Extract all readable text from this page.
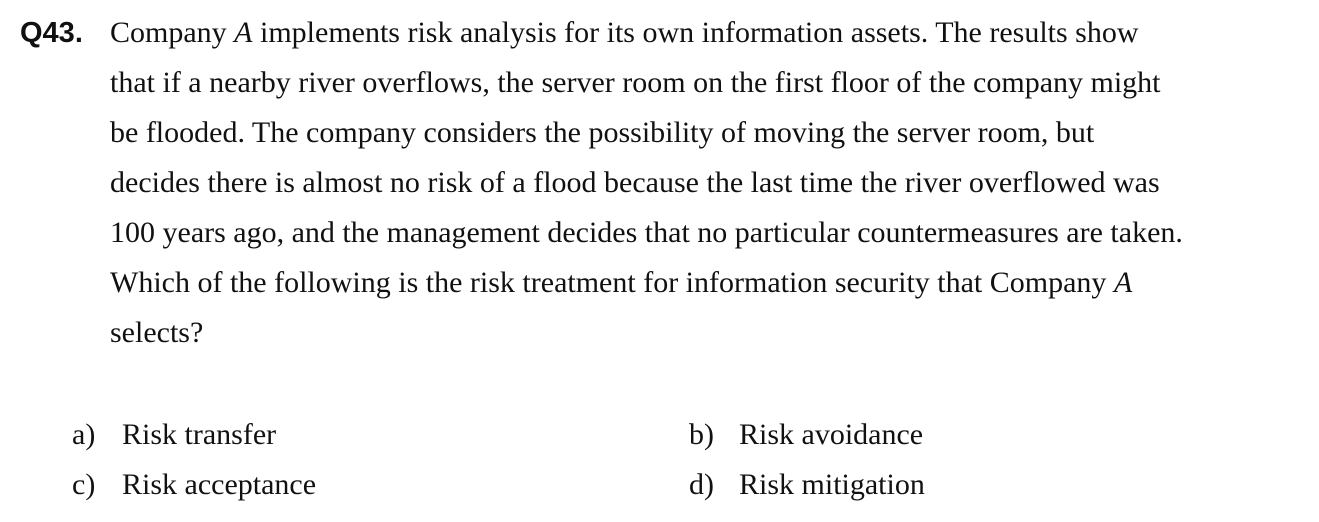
Q43. Company A implements risk analysis for its own information assets. The results show
that if a nearby river overflows, the server room on the first floor of the company might
be flooded. The company considers the possibility of moving the server room, but
decides there is almost no risk of a flood because the last time the river overflowed was
100 years ago, and the management decides that no particular countermeasures are taken.
Which of the following is the risk treatment for information security that Company A
selects?
a) Risk transfer	b) Risk avoidance
c) Risk acceptance	d) Risk mitigation
